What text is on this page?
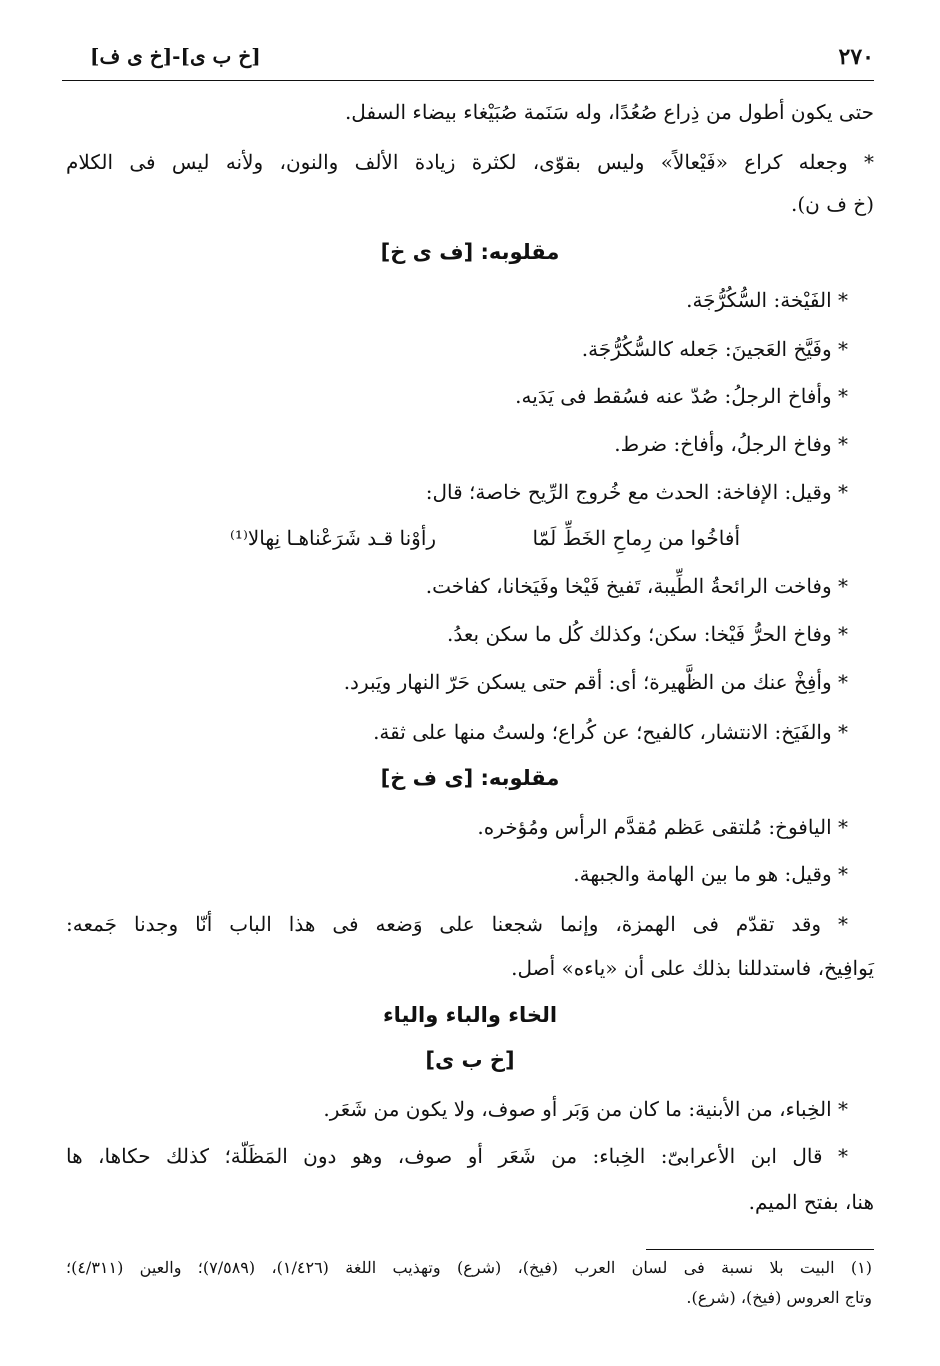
٢٧٠
[خ ی ف]-[خ ب ی]
حتى يكون أطول من ذِراع صُعُدًا، وله سَنَمة صُبَيْغاء بيضاء السفل.
* وجعله كراع «فَيْعالاً» وليس بقوّى، لكثرة زيادة الألف والنون، ولأنه ليس فى الكلام
(خ ف ن).
مقلوبه: [ف ی خ]
* الفَيْخة: السُّكُرُّجَة.
* وفَيَّخ العَجينَ: جَعله كالسُّكُرُّجَة.
* وأفاخ الرجلُ: صُدّ عنه فسُقط فى يَدَيه.
* وفاخ الرجلُ، وأفاخ: ضرط.
* وقيل: الإفاخة: الحدث مع خُروج الرِّيح خاصة؛ قال:
أفاخُوا من رِماحِ الخَطِّ لَمّا
رأوْنا قـد شَرَعْناهـا نِهالا⁽¹⁾
* وفاخت الرائحةُ الطِّيبة، تَفيخ فَيْخا وفَيَخانا، كفاخت.
* وفاخ الحرُّ فَيْخا: سكن؛ وكذلك كُل ما سكن بعدُ.
* وأفِخْ عنك من الظَّهيرة؛ أى: أقم حتى يسكن حَرّ النهار ويَبرد.
* والفَيَخ: الانتشار، كالفيح؛ عن كُراع؛ ولستُ منها على ثقة.
مقلوبه: [ی ف خ]
* اليافوخ: مُلتقى عَظم مُقدَّم الرأس ومُؤخره.
* وقيل: هو ما بين الهامة والجبهة.
* وقد تقدّم فى الهمزة، وإنما شجعنا على وَضعه فى هذا الباب أنّا وجدنا جَمعه:
يَوافِيخ، فاستدللنا بذلك على أن «ياءه» أصل.
الخاء والباء والياء
[خ ب ی]
* الخِباء، من الأبنية: ما كان من وَبَر أو صوف، ولا يكون من شَعَر.
* قال ابن الأعرابىّ: الخِباء: من شَعَر أو صوف، وهو دون المَظَلّة؛ كذلك حكاها، ها
هنا، بفتح الميم.
(١) البيت بلا نسبة فى لسان العرب (فيخ)، (شرع) وتهذيب اللغة (١/٤٢٦)، (٧/٥٨٩)؛ والعين (٤/٣١١)؛
وتاج العروس (فيخ)، (شرع).
